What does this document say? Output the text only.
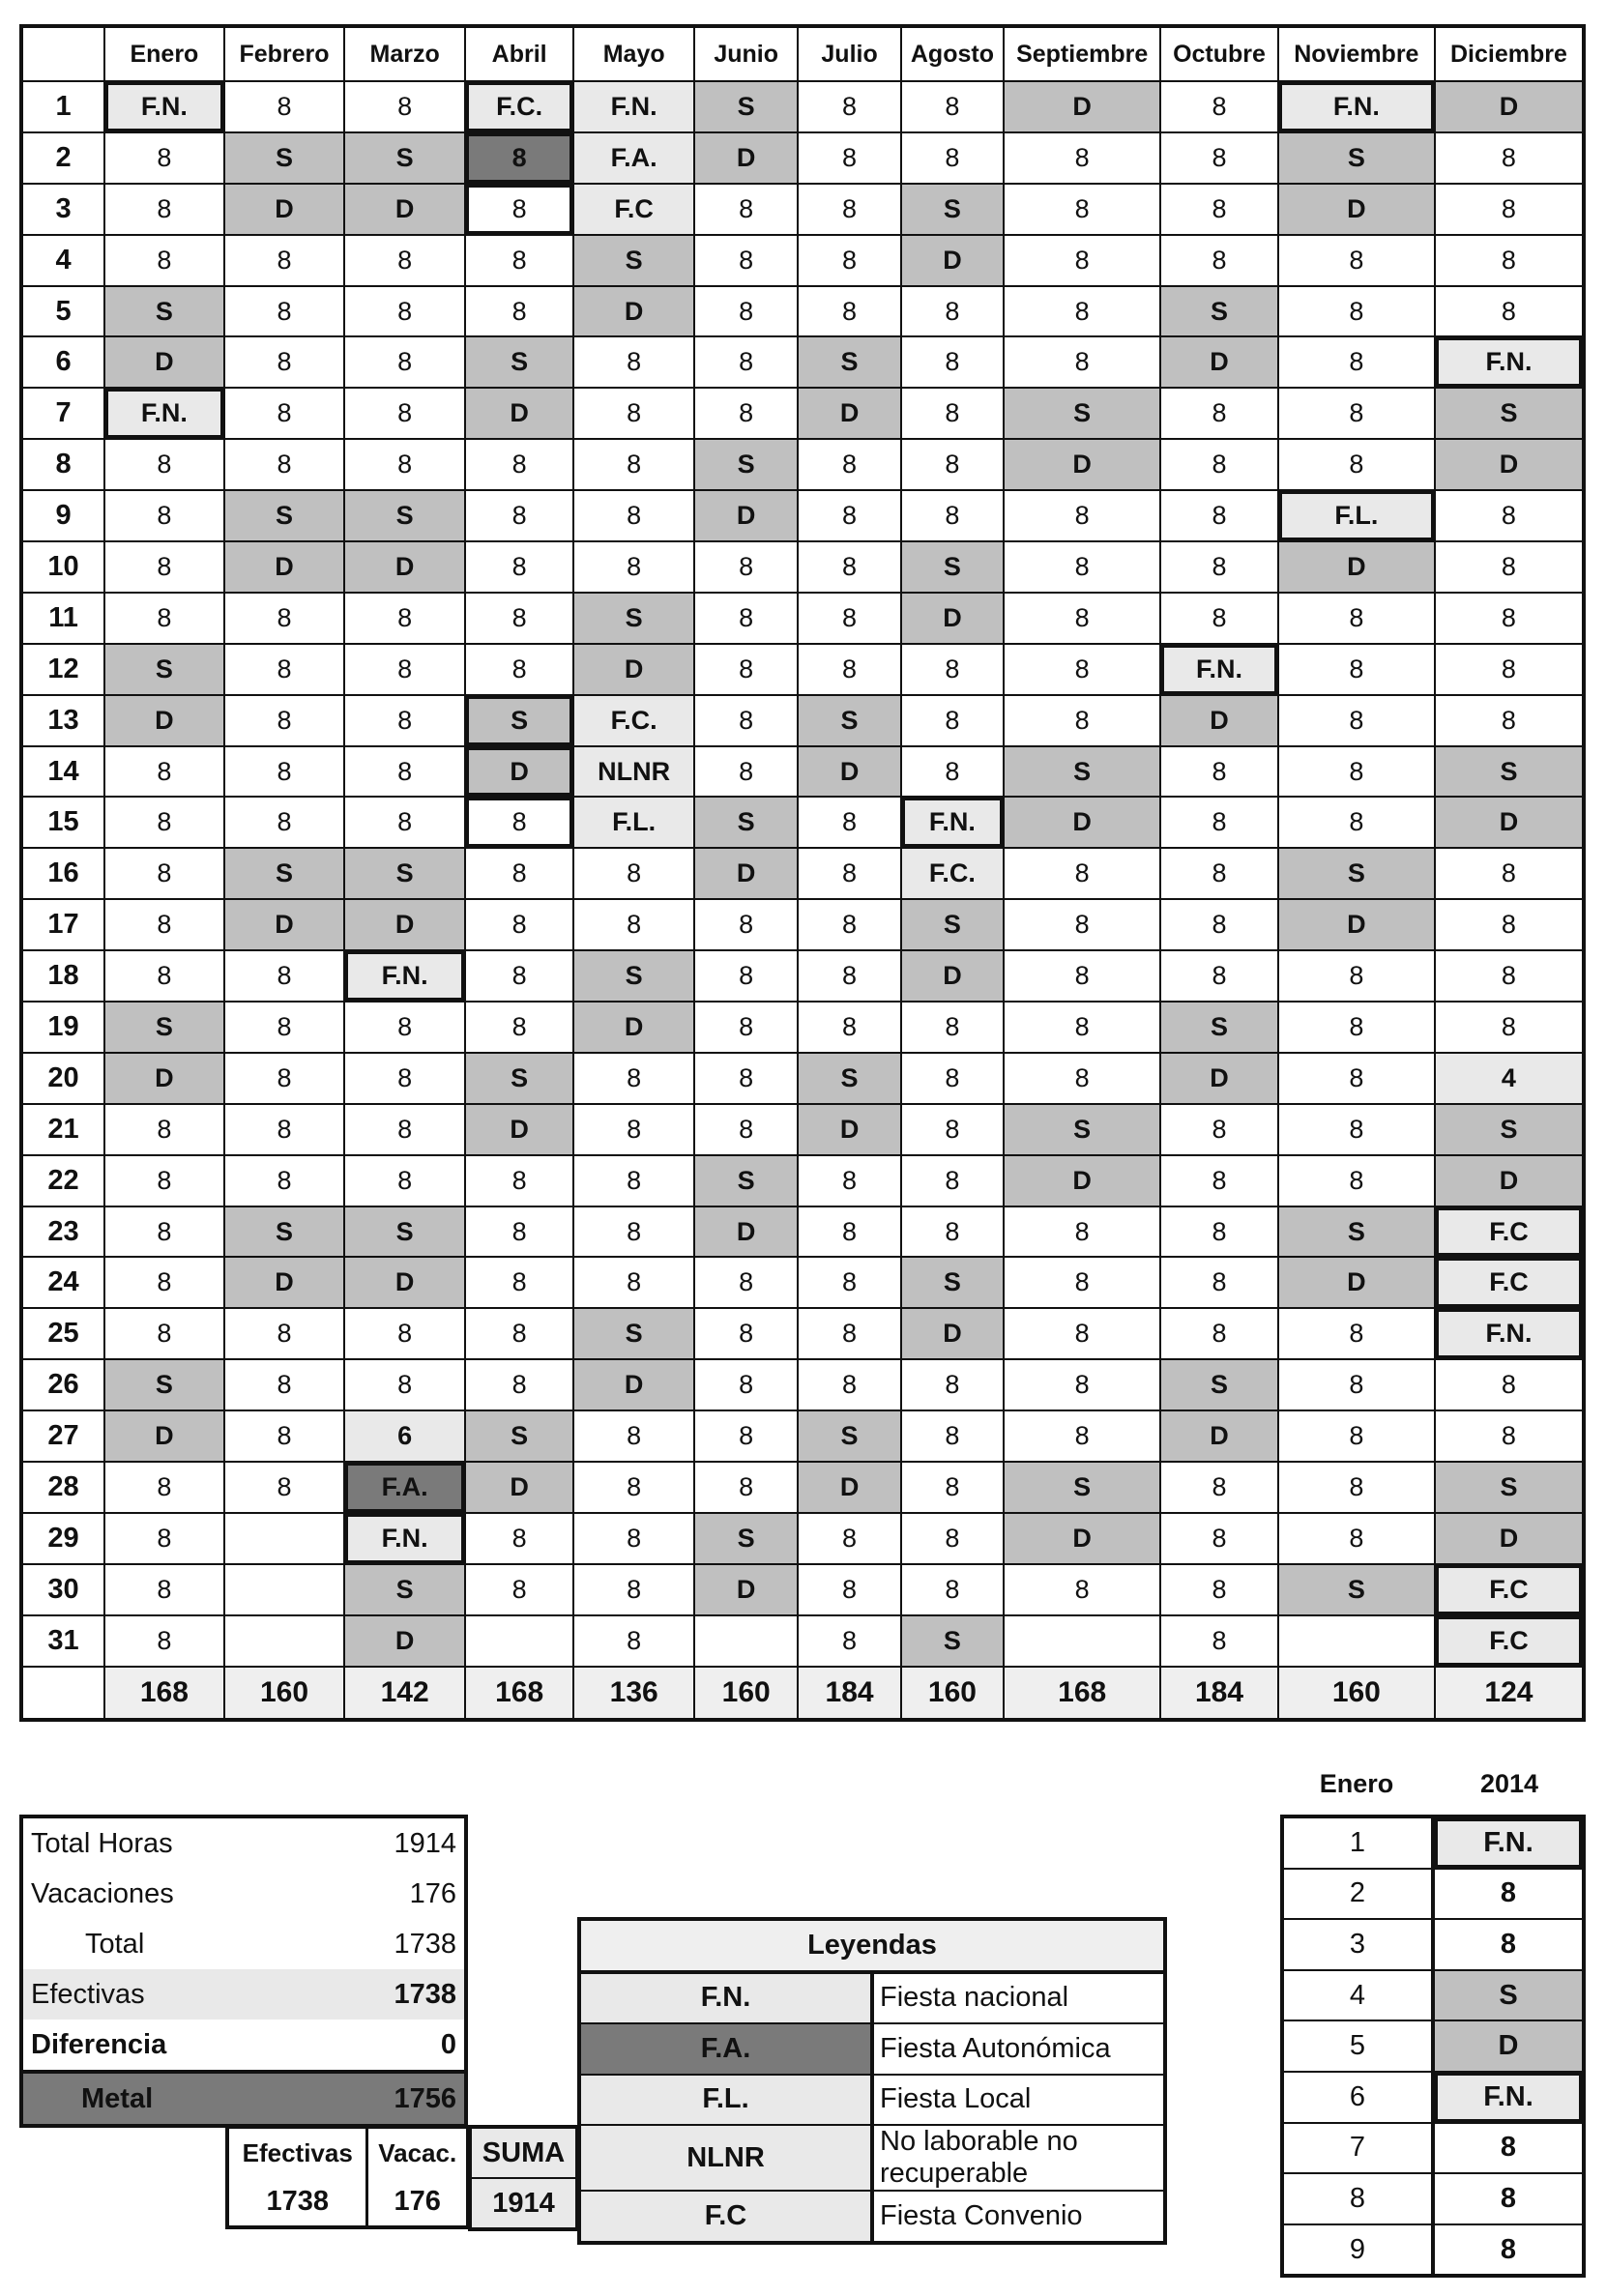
	Enero	Febrero	Marzo	Abril	Mayo	Junio	Julio	Agosto	Septiembre	Octubre	Noviembre	Diciembre
1	F.N.	8	8	F.C.	F.N.	S	8	8	D	8	F.N.	D
2	8	S	S	8	F.A.	D	8	8	8	8	S	8
3	8	D	D	8	F.C	8	8	S	8	8	D	8
4	8	8	8	8	S	8	8	D	8	8	8	8
5	S	8	8	8	D	8	8	8	8	S	8	8
6	D	8	8	S	8	8	S	8	8	D	8	F.N.
7	F.N.	8	8	D	8	8	D	8	S	8	8	S
8	8	8	8	8	8	S	8	8	D	8	8	D
9	8	S	S	8	8	D	8	8	8	8	F.L.	8
10	8	D	D	8	8	8	8	S	8	8	D	8
11	8	8	8	8	S	8	8	D	8	8	8	8
12	S	8	8	8	D	8	8	8	8	F.N.	8	8
13	D	8	8	S	F.C.	8	S	8	8	D	8	8
14	8	8	8	D	NLNR	8	D	8	S	8	8	S
15	8	8	8	8	F.L.	S	8	F.N.	D	8	8	D
16	8	S	S	8	8	D	8	F.C.	8	8	S	8
17	8	D	D	8	8	8	8	S	8	8	D	8
18	8	8	F.N.	8	S	8	8	D	8	8	8	8
19	S	8	8	8	D	8	8	8	8	S	8	8
20	D	8	8	S	8	8	S	8	8	D	8	4
21	8	8	8	D	8	8	D	8	S	8	8	S
22	8	8	8	8	8	S	8	8	D	8	8	D
23	8	S	S	8	8	D	8	8	8	8	S	F.C
24	8	D	D	8	8	8	8	S	8	8	D	F.C
25	8	8	8	8	S	8	8	D	8	8	8	F.N.
26	S	8	8	8	D	8	8	8	8	S	8	8
27	D	8	6	S	8	8	S	8	8	D	8	8
28	8	8	F.A.	D	8	8	D	8	S	8	8	S
29	8		F.N.	8	8	S	8	8	D	8	8	D
30	8		S	8	8	D	8	8	8	8	S	F.C
31	8		D		8		8	S		8		F.C
	168	160	142	168	136	160	184	160	168	184	160	124
Total Horas	1914
Vacaciones	176
Total	1738
Efectivas	1738
Diferencia	0
Metal	1756
Efectivas	Vacac.
1738	176
SUMA
1914
Leyendas	
F.N.	Fiesta nacional
F.A.	Fiesta Autonómica
F.L.	Fiesta Local
NLNR	No laborable no recuperable
F.C	Fiesta Convenio
Enero	2014
1	F.N.
2	8
3	8
4	S
5	D
6	F.N.
7	8
8	8
9	8
